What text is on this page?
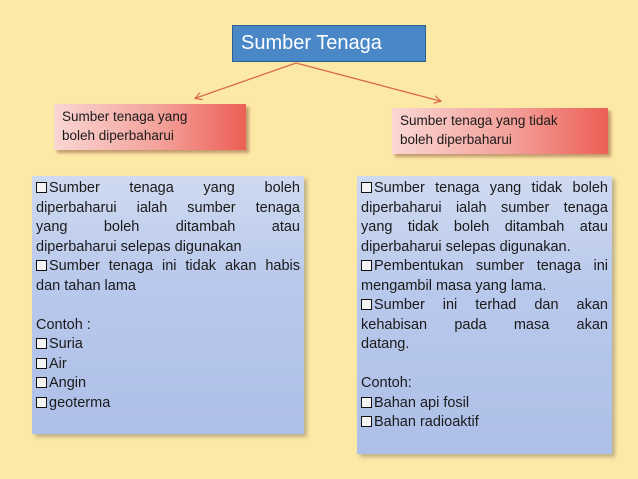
Sumber Tenaga
Sumber tenaga yang
boleh diperbaharui
Sumber tenaga yang tidak
boleh diperbaharui
Sumber tenaga yang boleh
diperbaharui ialah sumber tenaga
yang boleh ditambah atau
diperbaharui selepas digunakan
Sumber tenaga ini tidak akan habis
dan tahan lama
Contoh :
Suria
Air
Angin
geoterma
Sumber tenaga yang tidak boleh
diperbaharui ialah sumber tenaga
yang tidak boleh ditambah atau
diperbaharui selepas digunakan.
Pembentukan sumber tenaga ini
mengambil masa yang lama.
Sumber ini terhad dan akan
kehabisan pada masa akan
datang.
Contoh:
Bahan api fosil
Bahan radioaktif
